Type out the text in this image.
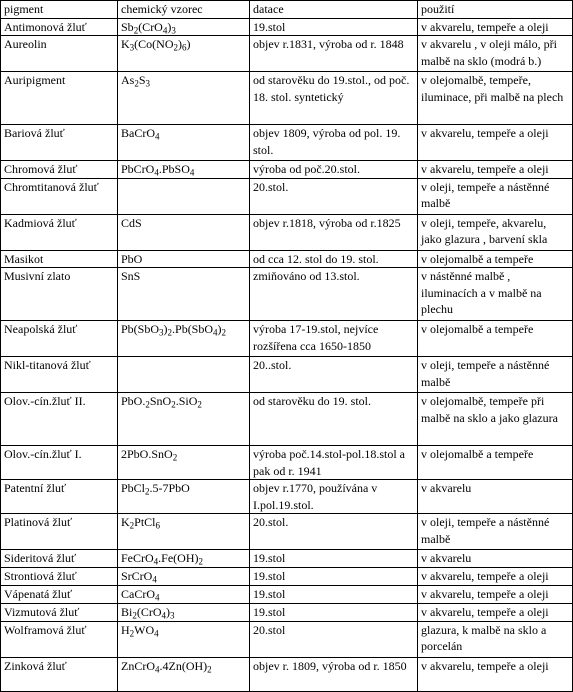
pigment	chemický vzorec	datace	použití
Antimonová žluť	$Sb_2(CrO_4)_3$	19.stol	v akvarelu, tempeře a oleji
Aureolin	$K_3(Co(NO_2)_6)$	objev r.1831, výroba od r. 1848	v akvarelu , v oleji málo, při malbě na sklo (modrá b.)
Auripigment	$As_2S_3$	od starověku do 19.stol., od poč. 18. stol. syntetický	v olejomalbě, tempeře, iluminace, při malbě na plech
Bariová žluť	BaCrO$_4$	objev 1809, výroba od pol. 19. stol.	v akvarelu, tempeře a oleji
Chromová žluť	PbCrO$_4$.PbSO$_4$	výroba od poč.20.stol.	v akvarelu, tempeře a oleji
Chromtitanová žluť		20.stol.	v oleji, tempeře a nástěnné malbě
Kadmiová žluť	CdS	objev r.1818, výroba od r.1825	v oleji, tempeře, akvarelu, jako glazura , barvení skla
Masikot	PbO	od cca 12. stol do 19. stol.	v olejomalbě a tempeře
Musivní zlato	SnS	zmiňováno od 13.stol.	v nástěnné malbě , iluminacích a v malbě na plechu
Neapolská žluť	$Pb(SbO_3)_2.Pb(SbO_4)_2$	výroba 17-19.stol, nejvíce rozšířena cca 1650-1850	v olejomalbě a tempeře
Nikl-titanová žluť		20..stol.	v oleji, tempeře a nástěnné malbě
Olov.-cín.žluť II.	$PbO._2SnO_2.SiO_2$	od starověku do 19. stol.	v olejomalbě, tempeře při malbě na sklo a jako glazura
Olov.-cín.žluť I.	2PbO.SnO$_2$	výroba poč.14.stol-pol.18.stol a pak od r. 1941	v olejomalbě a tempeře
Patentní žluť	PbCl$_2$.5-7PbO	objev r.1770, používána v I.pol.19.stol.	v akvarelu
Platinová žluť	$K_2PtCl_6$	20.stol.	v oleji, tempeře a nástěnné malbě
Sideritová žluť	$FeCrO_4.Fe(OH)_2$	19.stol	v akvarelu
Strontiová žluť	SrCrO$_4$	19.stol	v akvarelu, tempeře a oleji
Vápenatá žluť	CaCrO$_4$	19.stol	v akvarelu, tempeře a oleji
Vizmutová žluť	$Bi_2(CrO_4)_3$	19.stol	v akvarelu, tempeře a oleji
Wolframová žluť	$H_2WO_4$	20.stol	glazura, k malbě na sklo a porcelán
Zinková žluť	$ZnCrO_4.4Zn(OH)_2$	objev r. 1809, výroba od r. 1850	v akvarelu, tempeře a oleji
